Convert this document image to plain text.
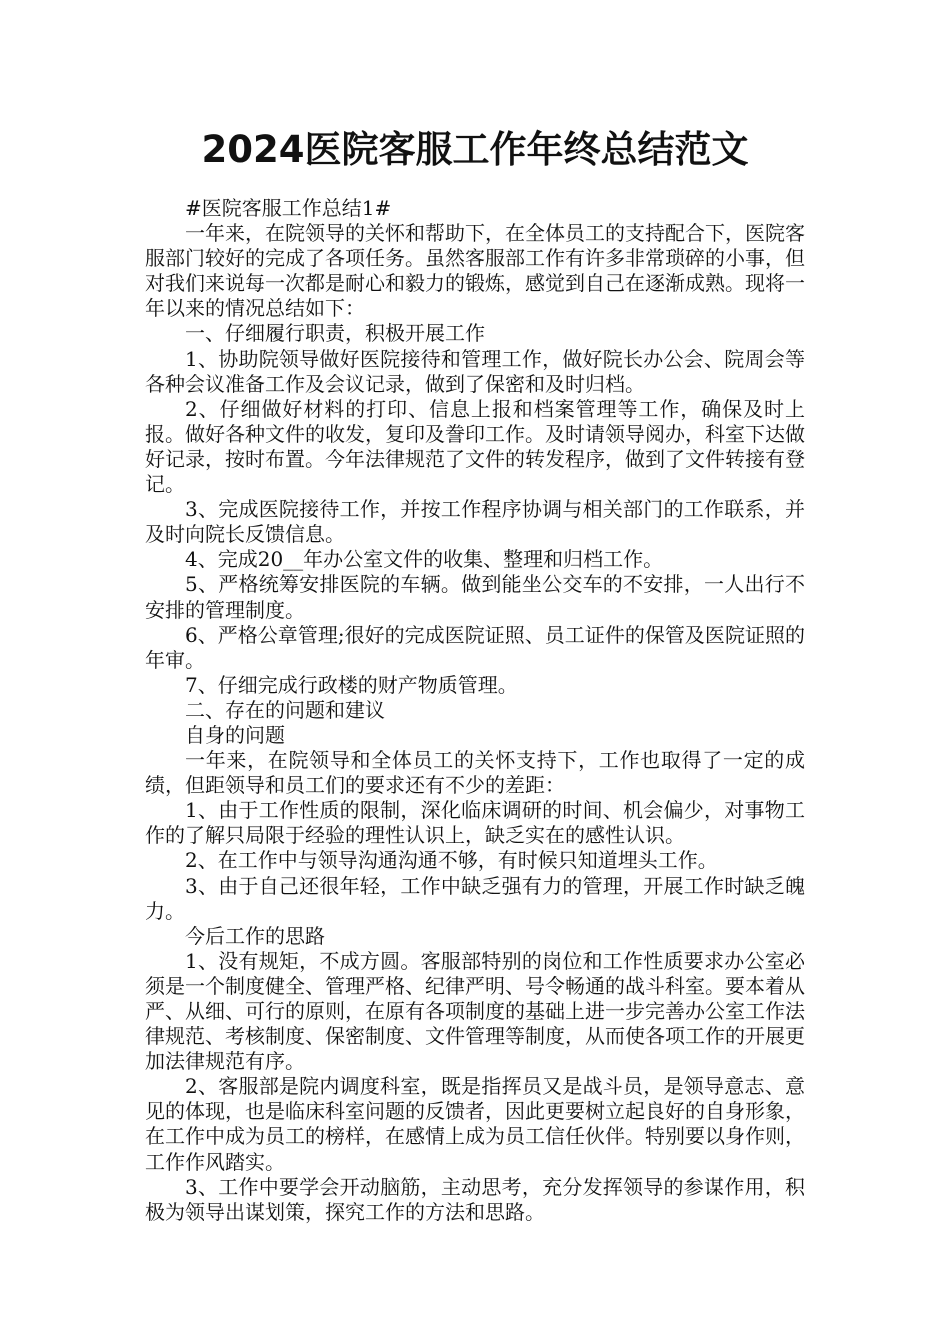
2024医院客服工作年终总结范文

#医院客服工作总结1#

一年来，在院领导的关怀和帮助下，在全体员工的支持配合下，医院客服部门较好的完成了各项任务。虽然客服部工作有许多非常琐碎的小事，但对我们来说每一次都是耐心和毅力的锻炼，感觉到自己在逐渐成熟。现将一年以来的情况总结如下：

一、仔细履行职责，积极开展工作

1、协助院领导做好医院接待和管理工作，做好院长办公会、院周会等各种会议准备工作及会议记录，做到了保密和及时归档。

2、仔细做好材料的打印、信息上报和档案管理等工作，确保及时上报。做好各种文件的收发，复印及誊印工作。及时请领导阅办，科室下达做好记录，按时布置。今年法律规范了文件的转发程序，做到了文件转接有登记。

3、完成医院接待工作，并按工作程序协调与相关部门的工作联系，并及时向院长反馈信息。

4、完成20__年办公室文件的收集、整理和归档工作。

5、严格统筹安排医院的车辆。做到能坐公交车的不安排，一人出行不安排的管理制度。

6、严格公章管理;很好的完成医院证照、员工证件的保管及医院证照的年审。

7、仔细完成行政楼的财产物质管理。

二、存在的问题和建议

自身的问题

一年来，在院领导和全体员工的关怀支持下，工作也取得了一定的成绩，但距领导和员工们的要求还有不少的差距：

1、由于工作性质的限制，深化临床调研的时间、机会偏少，对事物工作的了解只局限于经验的理性认识上，缺乏实在的感性认识。

2、在工作中与领导沟通沟通不够，有时候只知道埋头工作。

3、由于自己还很年轻，工作中缺乏强有力的管理，开展工作时缺乏魄力。

今后工作的思路

1、没有规矩，不成方圆。客服部特别的岗位和工作性质要求办公室必须是一个制度健全、管理严格、纪律严明、号令畅通的战斗科室。要本着从严、从细、可行的原则，在原有各项制度的基础上进一步完善办公室工作法律规范、考核制度、保密制度、文件管理等制度，从而使各项工作的开展更加法律规范有序。

2、客服部是院内调度科室，既是指挥员又是战斗员，是领导意志、意见的体现，也是临床科室问题的反馈者，因此更要树立起良好的自身形象，在工作中成为员工的榜样，在感情上成为员工信任伙伴。特别要以身作则，工作作风踏实。

3、工作中要学会开动脑筋，主动思考，充分发挥领导的参谋作用，积极为领导出谋划策，探究工作的方法和思路。
